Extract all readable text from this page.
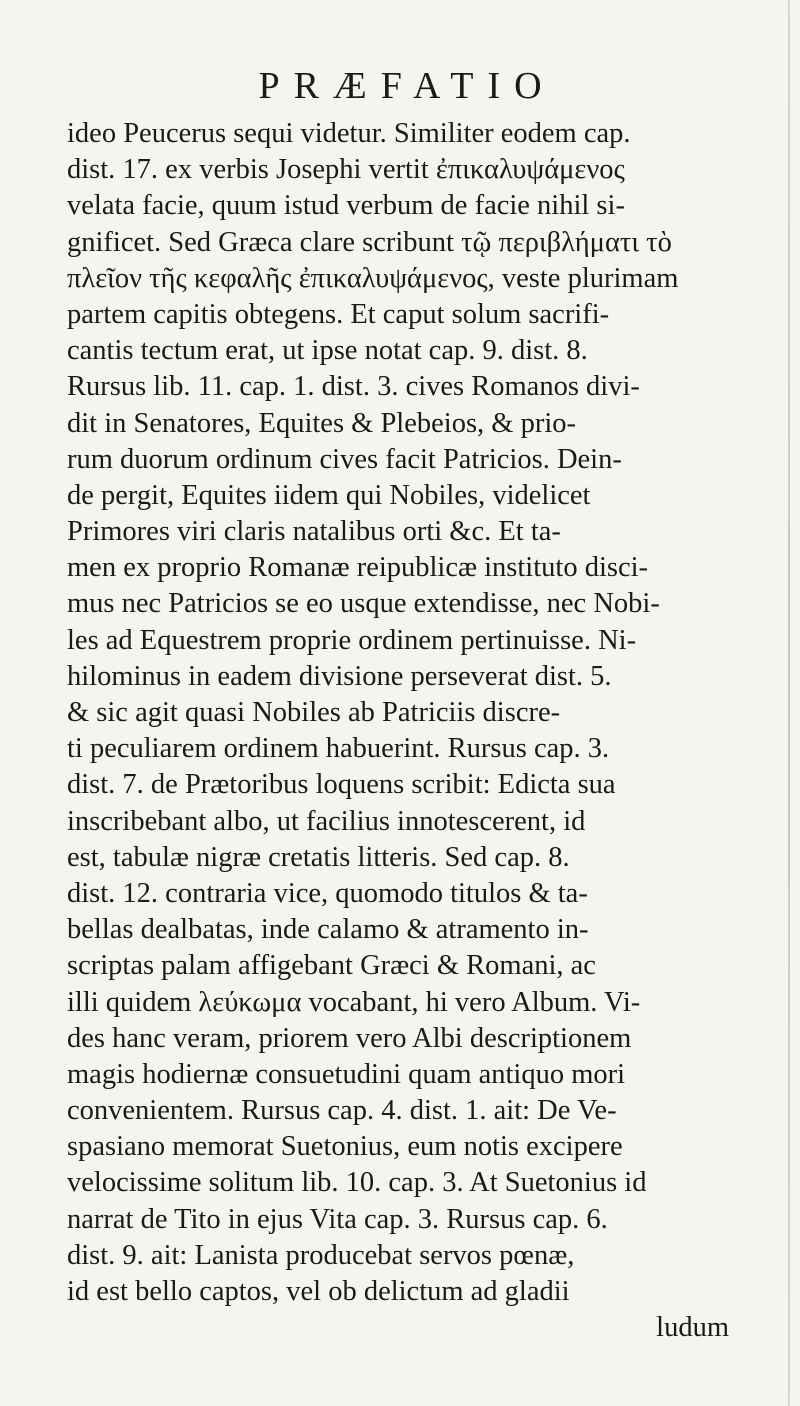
PRÆFATIO
ideo Peucerus sequi videtur. Similiter eodem cap.
dist. 17. ex verbis Josephi vertit ἐπικαλυψάμενος
velata facie, quum istud verbum de facie nihil si-
gnificet. Sed Græca clare scribunt τῷ περιβλήματι τὸ
πλεῖον τῆς κεφαλῆς ἐπικαλυψάμενος, veste plurimam
partem capitis obtegens. Et caput solum sacrifi-
cantis tectum erat, ut ipse notat cap. 9. dist. 8.
Rursus lib. 11. cap. 1. dist. 3. cives Romanos divi-
dit in Senatores, Equites & Plebeios, & prio-
rum duorum ordinum cives facit Patricios. Dein-
de pergit, Equites iidem qui Nobiles, videlicet
Primores viri claris natalibus orti &c. Et ta-
men ex proprio Romanæ reipublicæ instituto disci-
mus nec Patricios se eo usque extendisse, nec Nobi-
les ad Equestrem proprie ordinem pertinuisse. Ni-
hilominus in eadem divisione perseverat dist. 5.
& sic agit quasi Nobiles ab Patriciis discre-
ti peculiarem ordinem habuerint. Rursus cap. 3.
dist. 7. de Prætoribus loquens scribit: Edicta sua
inscribebant albo, ut facilius innotescerent, id
est, tabulæ nigræ cretatis litteris. Sed cap. 8.
dist. 12. contraria vice, quomodo titulos & ta-
bellas dealbatas, inde calamo & atramento in-
scriptas palam affigebant Græci & Romani, ac
illi quidem λεύκωμα vocabant, hi vero Album. Vi-
des hanc veram, priorem vero Albi descriptionem
magis hodiernæ consuetudini quam antiquo mori
convenientem. Rursus cap. 4. dist. 1. ait: De Ve-
spasiano memorat Suetonius, eum notis excipere
velocissime solitum lib. 10. cap. 3. At Suetonius id
narrat de Tito in ejus Vita cap. 3. Rursus cap. 6.
dist. 9. ait: Lanista producebat servos pœnæ,
id est bello captos, vel ob delictum ad gladii
ludum
